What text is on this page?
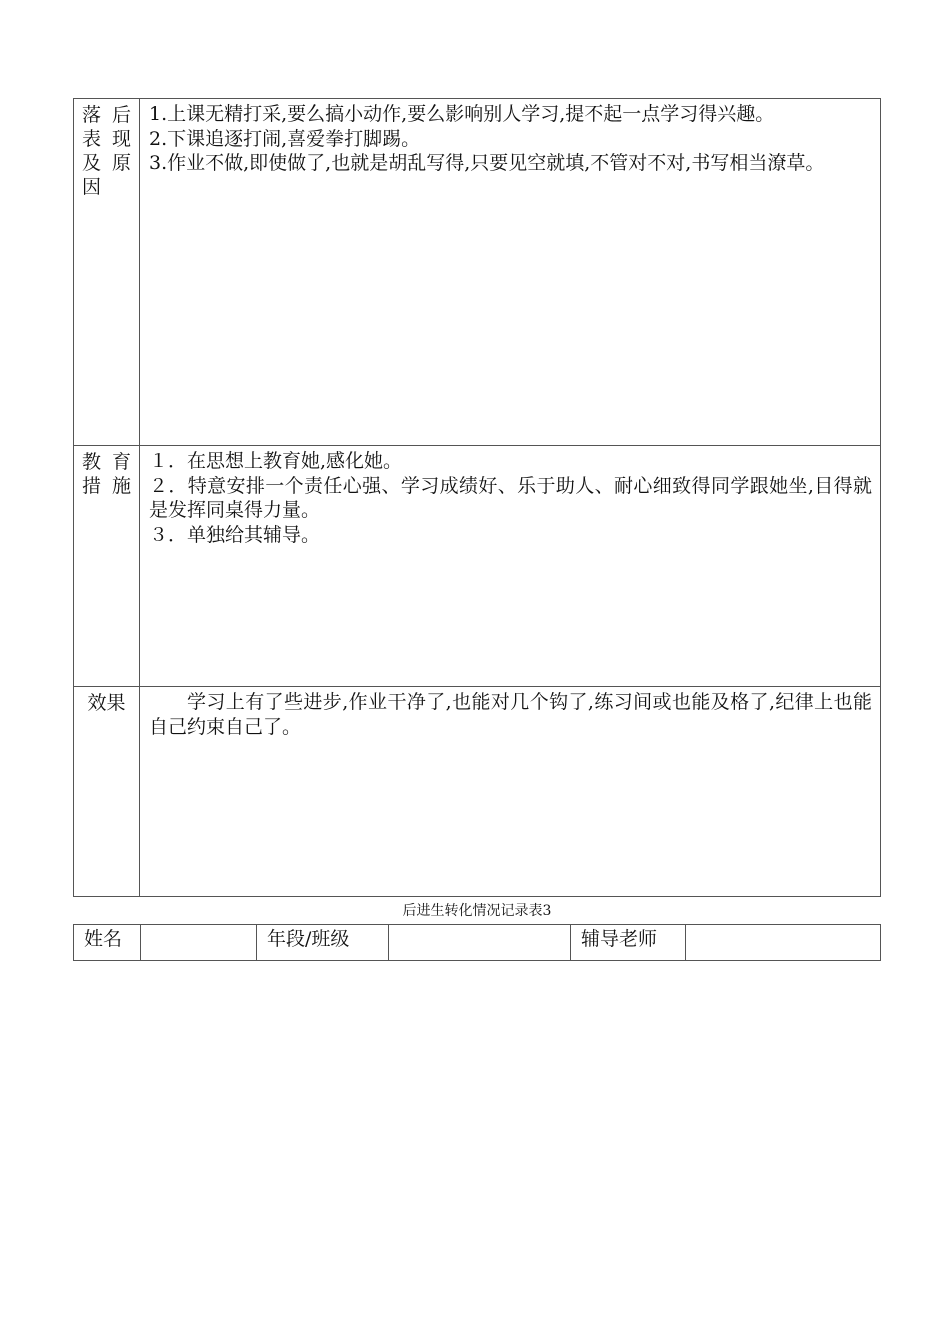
落后表现及原因	1.上课无精打采,要么搞小动作,要么影响别人学习,提不起一点学习得兴趣。

2.下课追逐打闹,喜爱拳打脚踢。

3.作业不做,即使做了,也就是胡乱写得,只要见空就填,不管对不对,书写相当潦草。

教育措施	１．在思想上教育她,感化她。

２．特意安排一个责任心强、学习成绩好、乐于助人、耐心细致得同学跟她坐,目得就是发挥同桌得力量。

３．单独给其辅导。

效果	学习上有了些进步,作业干净了,也能对几个钩了,练习间或也能及格了,纪律上也能自己约束自己了。

后进生转化情况记录表3
姓名		年段/班级		辅导老师	
